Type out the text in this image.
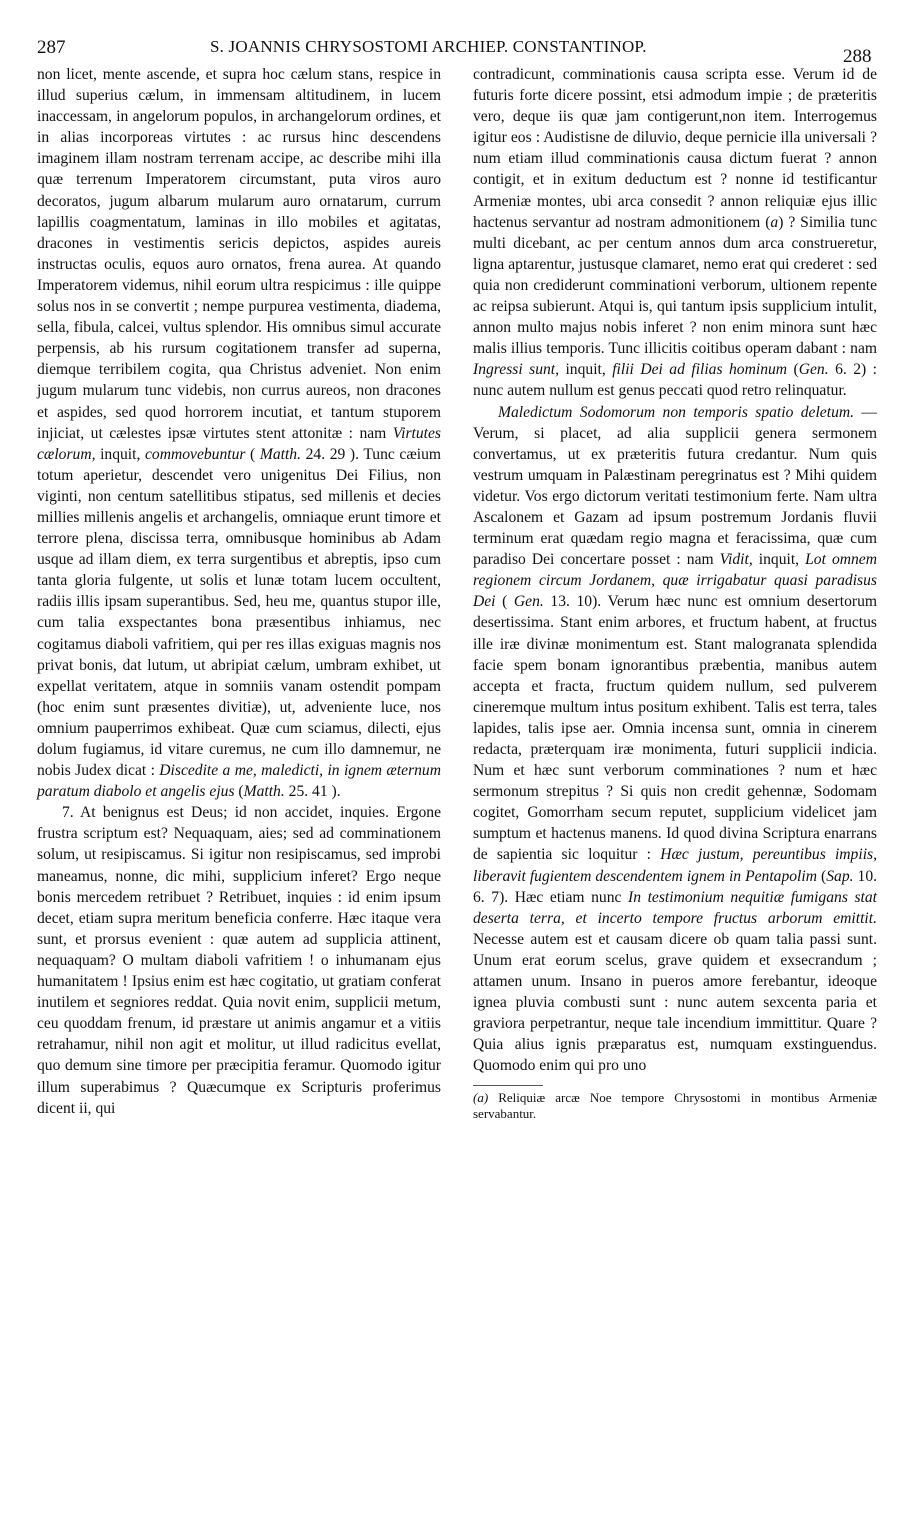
287	S. JOANNIS CHRYSOSTOMI ARCHIEP. CONSTANTINOP.	288

non licet, mente ascende, et supra hoc cælum stans, respice in illud superius cælum, in immensam altitudinem, in lucem inaccessam, in angelorum populos, in archangelorum ordines, et in alias incorporeas virtutes : ac rursus hinc descendens imaginem illam nostram terrenam accipe, ac describe mihi illa quæ terrenum Imperatorem circumstant, puta viros auro decoratos, jugum albarum mularum auro ornatarum, currum lapillis coagmentatum, laminas in illo mobiles et agitatas, dracones in vestimentis sericis depictos, aspides aureis instructas oculis, equos auro ornatos, frena aurea. At quando Imperatorem videmus, nihil eorum ultra respicimus : ille quippe solus nos in se convertit ; nempe purpurea vestimenta, diadema, sella, fibula, calcei, vultus splendor. His omnibus simul accurate perpensis, ab his rursum cogitationem transfer ad superna, diemque terribilem cogita, qua Christus adveniet. Non enim jugum mularum tunc videbis, non currus aureos, non dracones et aspides, sed quod horrorem incutiat, et tantum stuporem injiciat, ut cælestes ipsæ virtutes stent attonitæ : nam Virtutes cælorum, inquit, commovebuntur ( Matth. 24. 29 ). Tunc cæium totum aperietur, descendet vero unigenitus Dei Filius, non viginti, non centum satellitibus stipatus, sed millenis et decies millies millenis angelis et archangelis, omniaque erunt timore et terrore plena, discissa terra, omnibusque hominibus ab Adam usque ad illam diem, ex terra surgentibus et abreptis, ipso cum tanta gloria fulgente, ut solis et lunæ totam lucem occultent, radiis illis ipsam superantibus. Sed, heu me, quantus stupor ille, cum talia exspectantes bona præsentibus inhiamus, nec cogitamus diaboli vafritiem, qui per res illas exiguas magnis nos privat bonis, dat lutum, ut abripiat cælum, umbram exhibet, ut expellat veritatem, atque in somniis vanam ostendit pompam (hoc enim sunt præsentes divitiæ), ut, adveniente luce, nos omnium pauperrimos exhibeat. Quæ cum sciamus, dilecti, ejus dolum fugiamus, id vitare curemus, ne cum illo damnemur, ne nobis Judex dicat : Discedite a me, maledicti, in ignem æternum paratum diabolo et angelis ejus (Matth. 25. 41 ).

7. At benignus est Deus; id non accidet, inquies. Ergone frustra scriptum est? Nequaquam, aies; sed ad comminationem solum, ut resipiscamus. Si igitur non resipiscamus, sed improbi maneamus, nonne, dic mihi, supplicium inferet? Ergo neque bonis mercedem retribuet ? Retribuet, inquies : id enim ipsum decet, etiam supra meritum beneficia conferre. Hæc itaque vera sunt, et prorsus evenient : quæ autem ad supplicia attinent, nequaquam? O multam diaboli vafritiem ! o inhumanam ejus humanitatem ! Ipsius enim est hæc cogitatio, ut gratiam conferat inutilem et segniores reddat. Quia novit enim, supplicii metum, ceu quoddam frenum, id præstare ut animis angamur et a vitiis retrahamur, nihil non agit et molitur, ut illud radicitus evellat, quo demum sine timore per præcipitia feramur. Quomodo igitur illum superabimus ? Quæcumque ex Scripturis proferimus dicent ii, qui

contradicunt, comminationis causa scripta esse. Verum id de futuris forte dicere possint, etsi admodum impie ; de præteritis vero, deque iis quæ jam contigerunt,non item. Interrogemus igitur eos : Audistisne de diluvio, deque pernicie illa universali ? num etiam illud comminationis causa dictum fuerat ? annon contigit, et in exitum deductum est ? nonne id testificantur Armeniæ montes, ubi arca consedit ? annon reliquiæ ejus illic hactenus servantur ad nostram admonitionem (a) ? Similia tunc multi dicebant, ac per centum annos dum arca construeretur, ligna aptarentur, justusque clamaret, nemo erat qui crederet : sed quia non crediderunt comminationi verborum, ultionem repente ac reipsa subierunt. Atqui is, qui tantum ipsis supplicium intulit, annon multo majus nobis inferet ? non enim minora sunt hæc malis illius temporis. Tunc illicitis coitibus operam dabant : nam Ingressi sunt, inquit, filii Dei ad filias hominum (Gen. 6. 2) : nunc autem nullum est genus peccati quod retro relinquatur.

Maledictum Sodomorum non temporis spatio deletum. — Verum, si placet, ad alia supplicii genera sermonem convertamus, ut ex præteritis futura credantur. Num quis vestrum umquam in Palæstinam peregrinatus est ? Mihi quidem videtur. Vos ergo dictorum veritati testimonium ferte. Nam ultra Ascalonem et Gazam ad ipsum postremum Jordanis fluvii terminum erat quædam regio magna et feracissima, quæ cum paradiso Dei concertare posset : nam Vidit, inquit, Lot omnem regionem circum Jordanem, quæ irrigabatur quasi paradisus Dei ( Gen. 13. 10). Verum hæc nunc est omnium desertorum desertissima. Stant enim arbores, et fructum habent, at fructus ille iræ divinæ monimentum est. Stant malogranata splendida facie spem bonam ignorantibus præbentia, manibus autem accepta et fracta, fructum quidem nullum, sed pulverem cineremque multum intus positum exhibent. Talis est terra, tales lapides, talis ipse aer. Omnia incensa sunt, omnia in cinerem redacta, præterquam iræ monimenta, futuri supplicii indicia. Num et hæc sunt verborum comminationes ? num et hæc sermonum strepitus ? Si quis non credit gehennæ, Sodomam cogitet, Gomorrham secum reputet, supplicium videlicet jam sumptum et hactenus manens. Id quod divina Scriptura enarrans de sapientia sic loquitur : Hæc justum, pereuntibus impiis, liberavit fugientem descendentem ignem in Pentapolim (Sap. 10. 6. 7). Hæc etiam nunc In testimonium nequitiæ fumigans stat deserta terra, et incerto tempore fructus arborum emittit. Necesse autem est et causam dicere ob quam talia passi sunt. Unum erat eorum scelus, grave quidem et exsecrandum ; attamen unum. Insano in pueros amore ferebantur, ideoque ignea pluvia combusti sunt : nunc autem sexcenta paria et graviora perpetrantur, neque tale incendium immittitur. Quare ? Quia alius ignis præparatus est, numquam exstinguendus. Quomodo enim qui pro uno

(a) Reliquiæ arcæ Noe tempore Chrysostomi in montibus Armeniæ servabantur.
